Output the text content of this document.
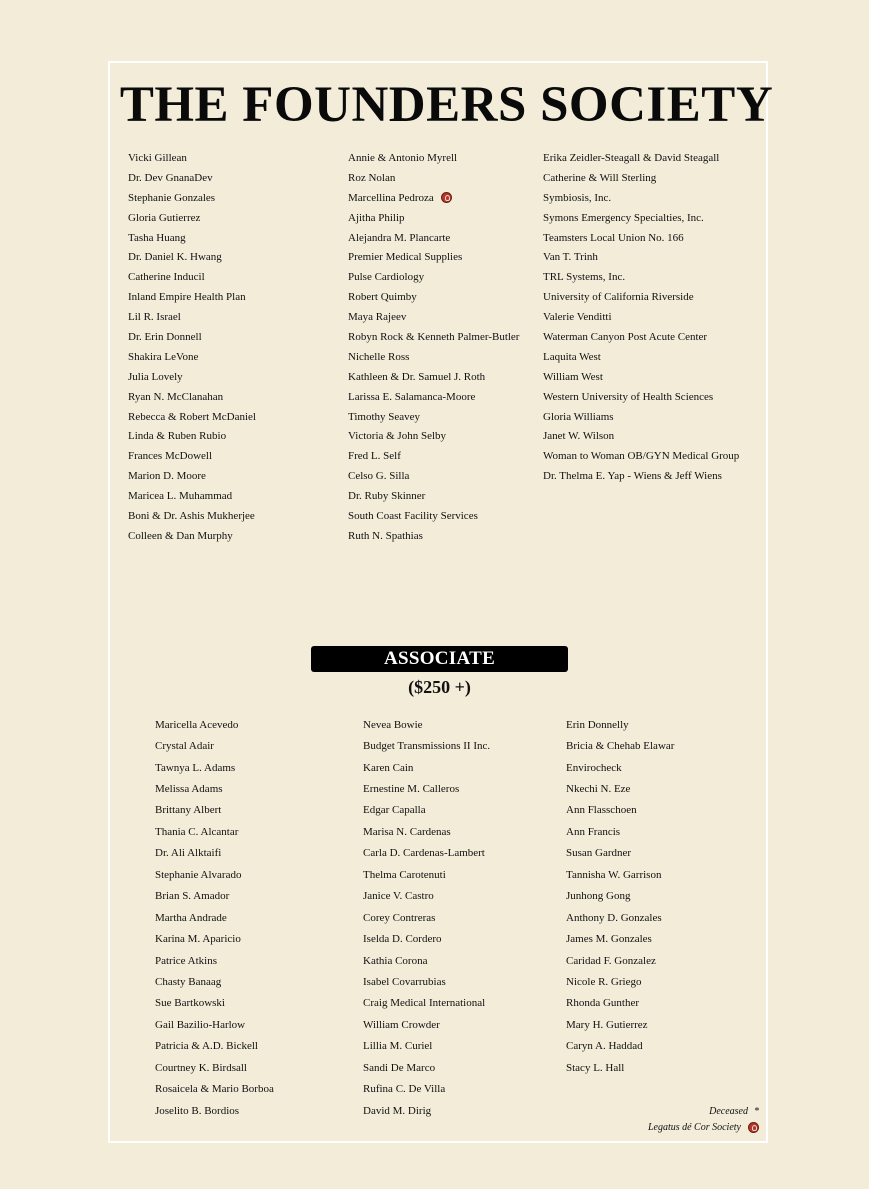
THE FOUNDERS SOCIETY
Vicki Gillean
Dr. Dev GnanaDev
Stephanie Gonzales
Gloria Gutierrez
Tasha Huang
Dr. Daniel K. Hwang
Catherine Inducil
Inland Empire Health Plan
Lil R. Israel
Dr. Erin Donnell
Shakira LeVone
Julia Lovely
Ryan N. McClanahan
Rebecca & Robert McDaniel
Linda & Ruben Rubio
Frances McDowell
Marion D. Moore
Maricea L. Muhammad
Boni & Dr. Ashis Mukherjee
Colleen & Dan Murphy
Annie & Antonio Myrell
Roz Nolan
Marcellina Pedroza
Ajitha Philip
Alejandra M. Plancarte
Premier Medical Supplies
Pulse Cardiology
Robert Quimby
Maya Rajeev
Robyn Rock & Kenneth Palmer-Butler
Nichelle Ross
Kathleen & Dr. Samuel J. Roth
Larissa E. Salamanca-Moore
Timothy Seavey
Victoria & John Selby
Fred L. Self
Celso G. Silla
Dr. Ruby Skinner
South Coast Facility Services
Ruth N. Spathias
Erika Zeidler-Steagall & David Steagall
Catherine & Will Sterling
Symbiosis, Inc.
Symons Emergency Specialties, Inc.
Teamsters Local Union No. 166
Van T. Trinh
TRL Systems, Inc.
University of California Riverside
Valerie Venditti
Waterman Canyon Post Acute Center
Laquita West
William West
Western University of Health Sciences
Gloria Williams
Janet W. Wilson
Woman to Woman OB/GYN Medical Group
Dr. Thelma E. Yap - Wiens & Jeff Wiens
ASSOCIATE
($250 +)
Maricella Acevedo
Crystal Adair
Tawnya L. Adams
Melissa Adams
Brittany Albert
Thania C. Alcantar
Dr. Ali Alktaifi
Stephanie Alvarado
Brian S. Amador
Martha Andrade
Karina M. Aparicio
Patrice Atkins
Chasty Banaag
Sue Bartkowski
Gail Bazilio-Harlow
Patricia & A.D. Bickell
Courtney K. Birdsall
Rosaicela & Mario Borboa
Joselito B. Bordios
Nevea Bowie
Budget Transmissions II Inc.
Karen Cain
Ernestine M. Calleros
Edgar Capalla
Marisa N. Cardenas
Carla D. Cardenas-Lambert
Thelma Carotenuti
Janice V. Castro
Corey Contreras
Iselda D. Cordero
Kathia Corona
Isabel Covarrubias
Craig Medical International
William Crowder
Lillia M. Curiel
Sandi De Marco
Rufina C. De Villa
David M. Dirig
Erin Donnelly
Bricia & Chehab Elawar
Envirocheck
Nkechi N. Eze
Ann Flasschoen
Ann Francis
Susan Gardner
Tannisha W. Garrison
Junhong Gong
Anthony D. Gonzales
James M. Gonzales
Caridad F. Gonzalez
Nicole R. Griego
Rhonda Gunther
Mary H. Gutierrez
Caryn A. Haddad
Stacy L. Hall
Deceased *
Legatus dé Cor Society
